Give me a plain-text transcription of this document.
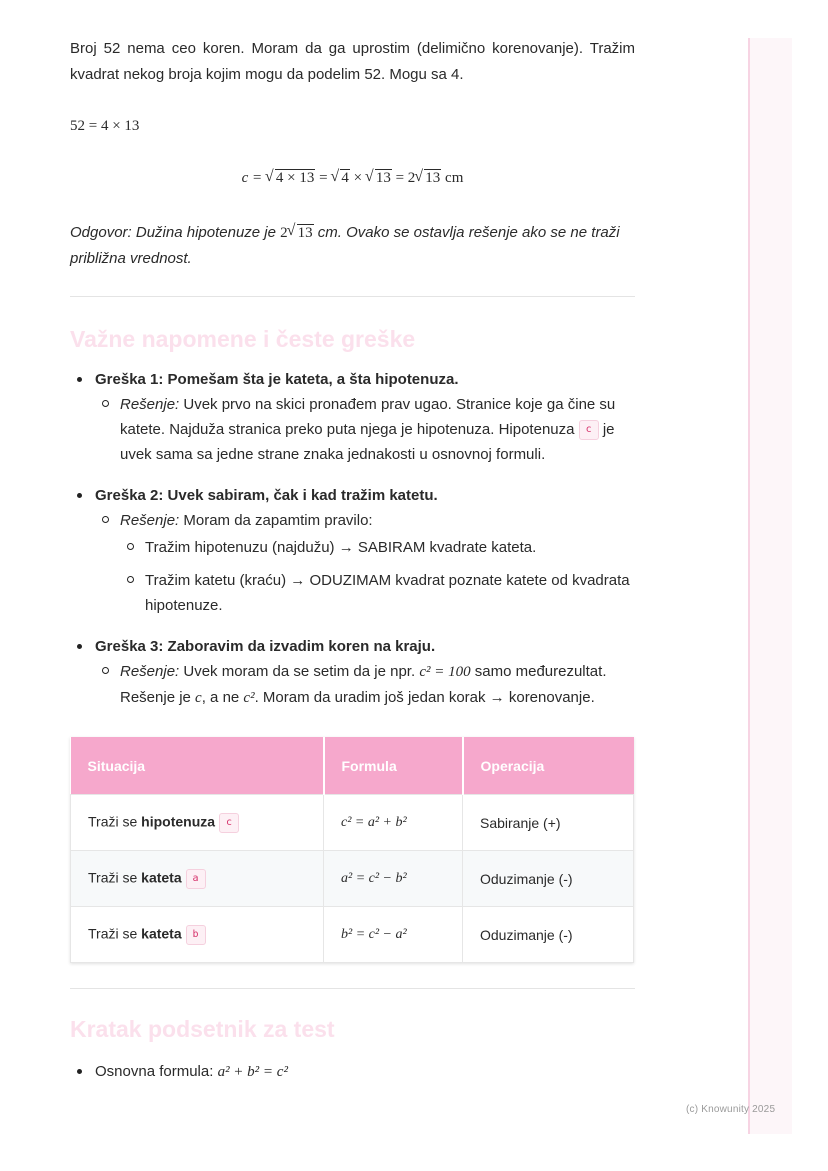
(c) Knowunity 2025

Broj 52 nema ceo koren. Moram da ga uprostim (delimično korenovanje). Tražim kvadrat nekog broja kojim mogu da podelim 52. Mogu sa 4.

52 = 4 × 13
c = √ 4 × 13 = √ 4 × √ 13 = 2 √ 13 cm

Odgovor: Dužina hipotenuze je 2 √ 13 cm. Ovako se ostavlja rešenje ako se ne traži približna vrednost.

Važne napomene i česte greške
Greška 1: Pomešam šta je kateta, a šta hipotenuza.
Rešenje: Uvek prvo na skici pronađem prav ugao. Stranice koje ga čine su katete. Najduža stranica preko puta njega je hipotenuza. Hipotenuza c je uvek sama sa jedne strane znaka jednakosti u osnovnoj formuli.
Greška 2: Uvek sabiram, čak i kad tražim katetu.
Rešenje: Moram da zapamtim pravilo:
Tražim hipotenuzu (najdužu) → SABIRAM kvadrate kateta.
Tražim katetu (kraću) → ODUZIMAM kvadrat poznate katete od kvadrata hipotenuze.
Greška 3: Zaboravim da izvadim koren na kraju.
Rešenje: Uvek moram da se setim da je npr. c² = 100 samo međurezultat. Rešenje je c, a ne c². Moram da uradim još jedan korak → korenovanje.
Situacija	Formula	Operacija
Traži se hipotenuza c	c² = a² + b²	Sabiranje (+)
Traži se kateta a	a² = c² − b²	Oduzimanje (-)
Traži se kateta b	b² = c² − a²	Oduzimanje (-)
Kratak podsetnik za test
Osnovna formula: a² + b² = c²
